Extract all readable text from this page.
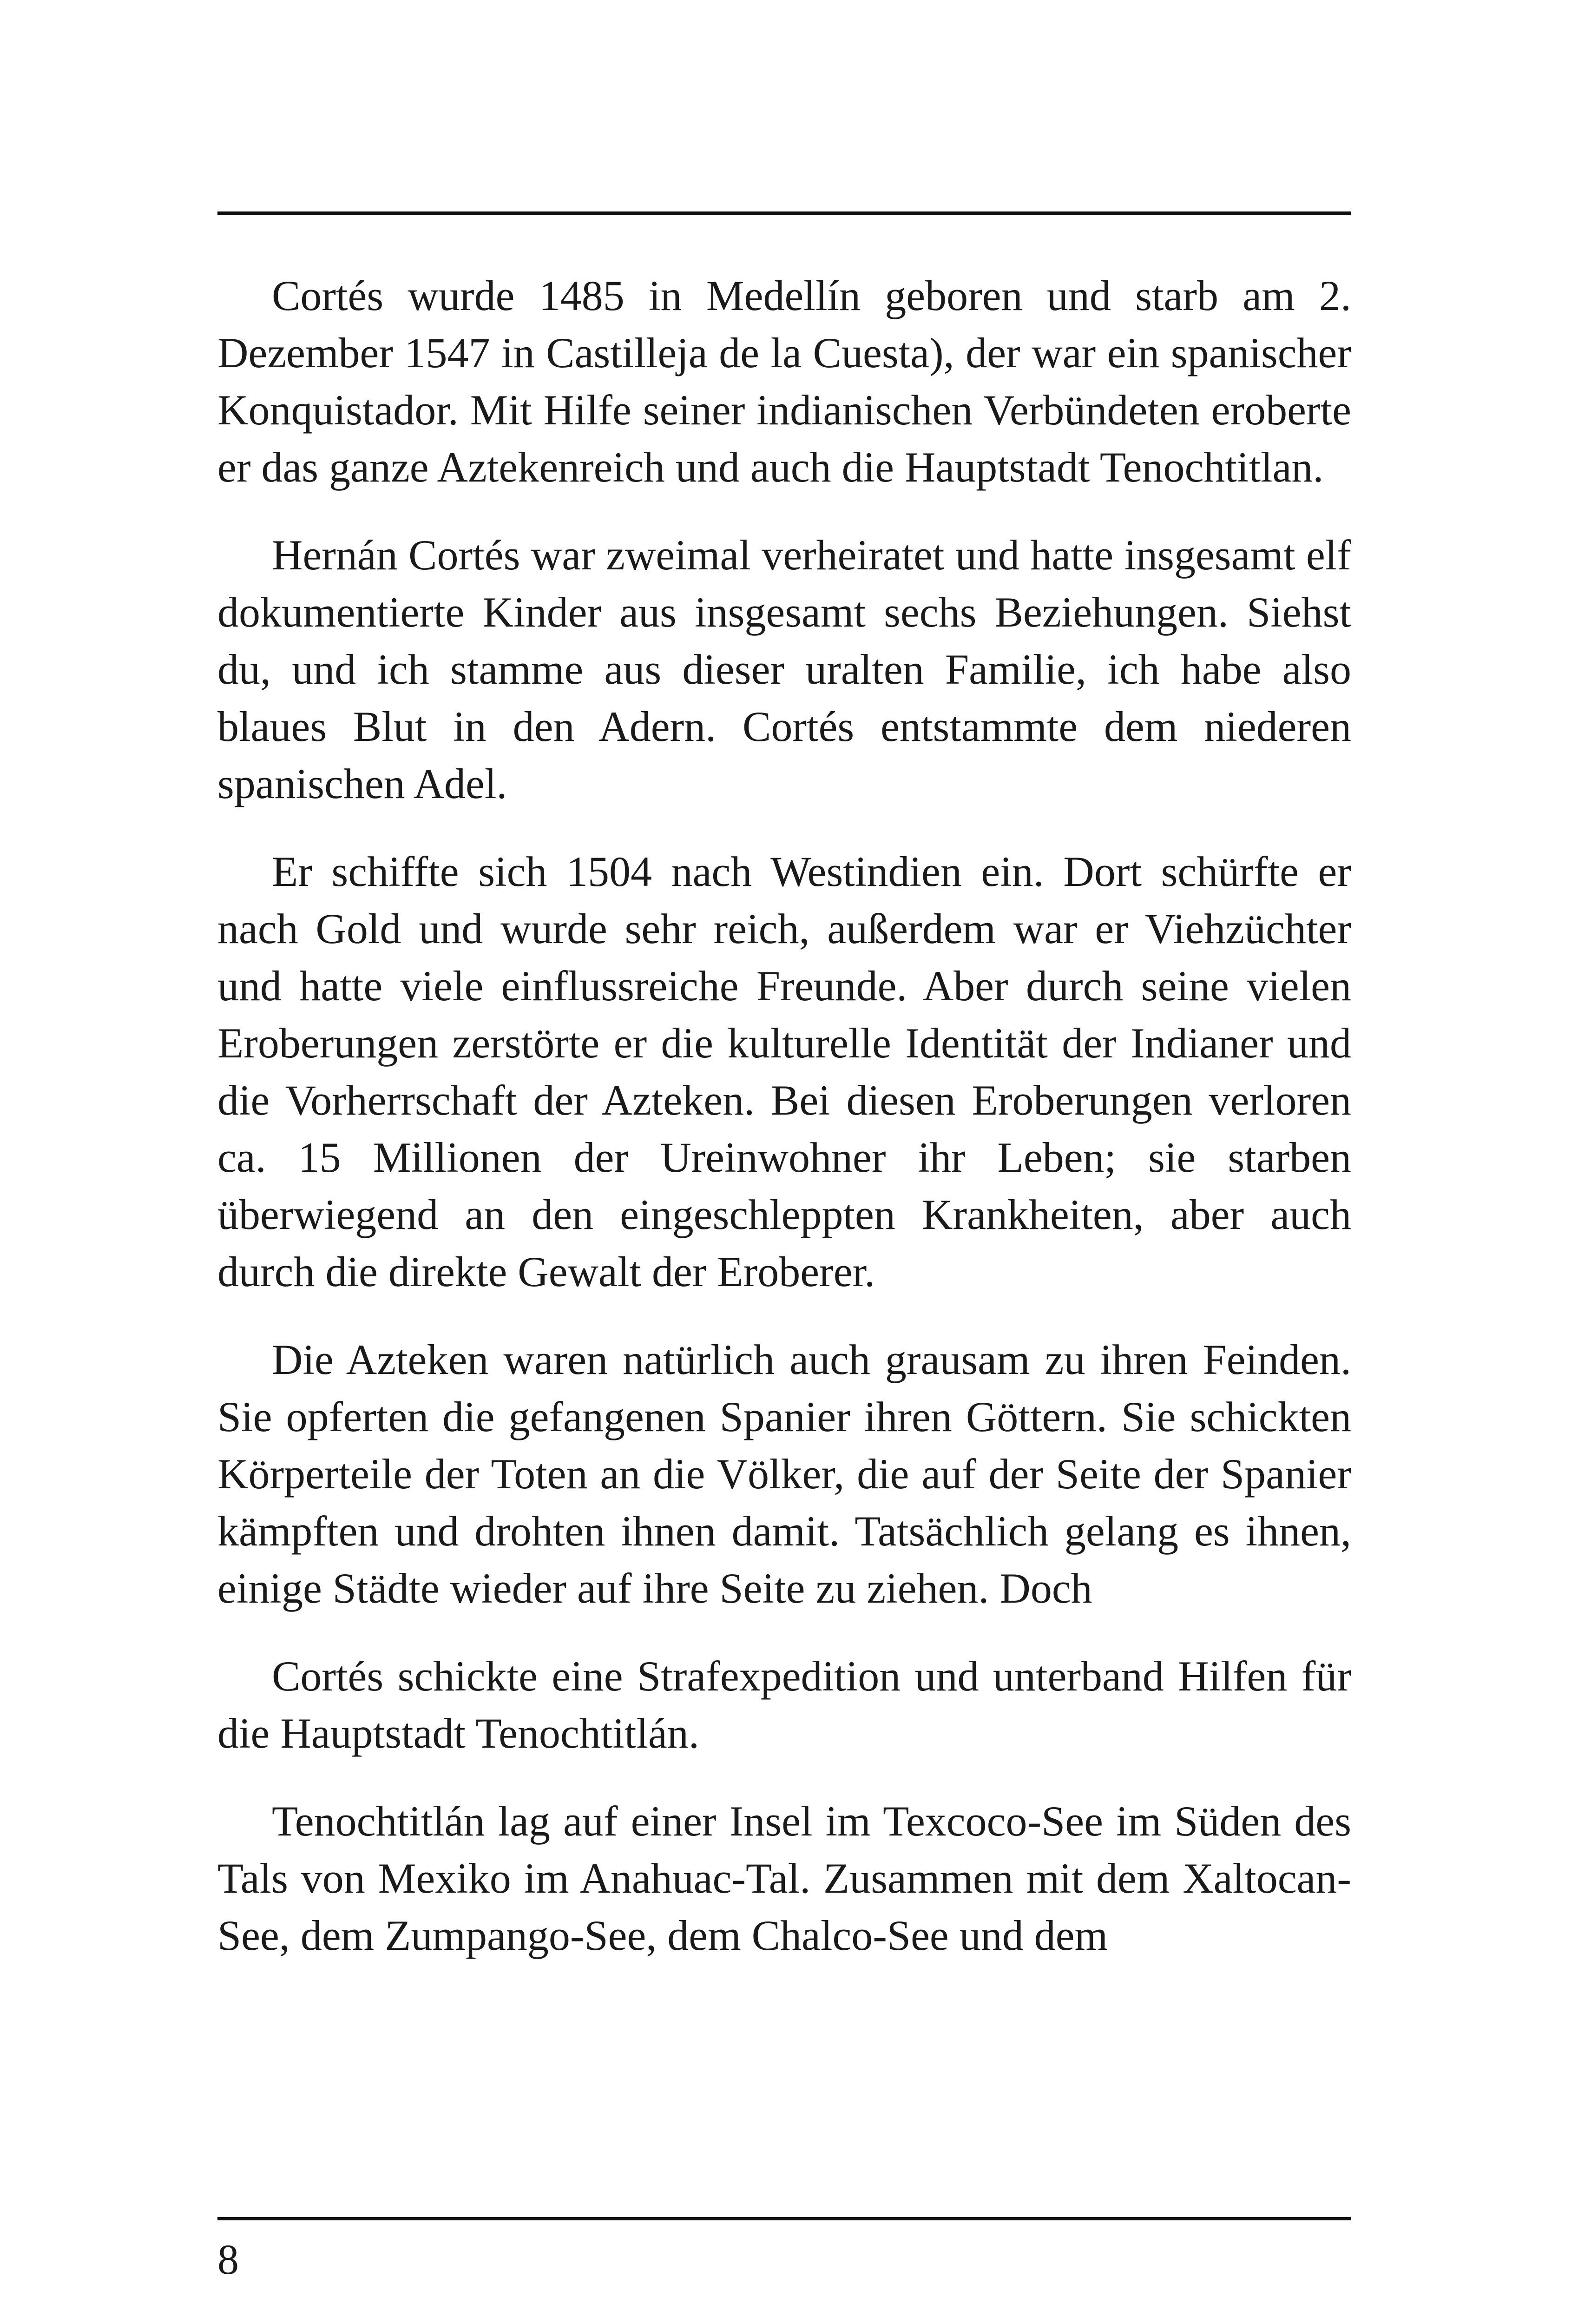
Cortés wurde 1485 in Medellín geboren und starb am 2. Dezember 1547 in Castilleja de la Cuesta), der war ein spanischer Konquistador. Mit Hilfe seiner indianischen Verbündeten eroberte er das ganze Aztekenreich und auch die Hauptstadt Tenochtitlan.

Hernán Cortés war zweimal verheiratet und hatte insgesamt elf dokumentierte Kinder aus insgesamt sechs Beziehungen. Siehst du, und ich stamme aus dieser uralten Familie, ich habe also blaues Blut in den Adern. Cortés entstammte dem niederen spanischen Adel.

Er schiffte sich 1504 nach Westindien ein. Dort schürfte er nach Gold und wurde sehr reich, außerdem war er Viehzüchter und hatte viele einflussreiche Freunde. Aber durch seine vielen Eroberungen zerstörte er die kulturelle Identität der Indianer und die Vorherrschaft der Azteken. Bei diesen Eroberungen verloren ca. 15 Millionen der Ureinwohner ihr Leben; sie starben überwiegend an den eingeschleppten Krankheiten, aber auch durch die direkte Gewalt der Eroberer.

Die Azteken waren natürlich auch grausam zu ihren Feinden. Sie opferten die gefangenen Spanier ihren Göttern. Sie schickten Körperteile der Toten an die Völker, die auf der Seite der Spanier kämpften und drohten ihnen damit. Tatsächlich gelang es ihnen, einige Städte wieder auf ihre Seite zu ziehen. Doch

Cortés schickte eine Strafexpedition und unterband Hilfen für die Hauptstadt Tenochtitlán.

Tenochtitlán lag auf einer Insel im Texcoco-See im Süden des Tals von Mexiko im Anahuac-Tal. Zusammen mit dem Xaltocan-See, dem Zumpango-See, dem Chalco-See und dem

8
